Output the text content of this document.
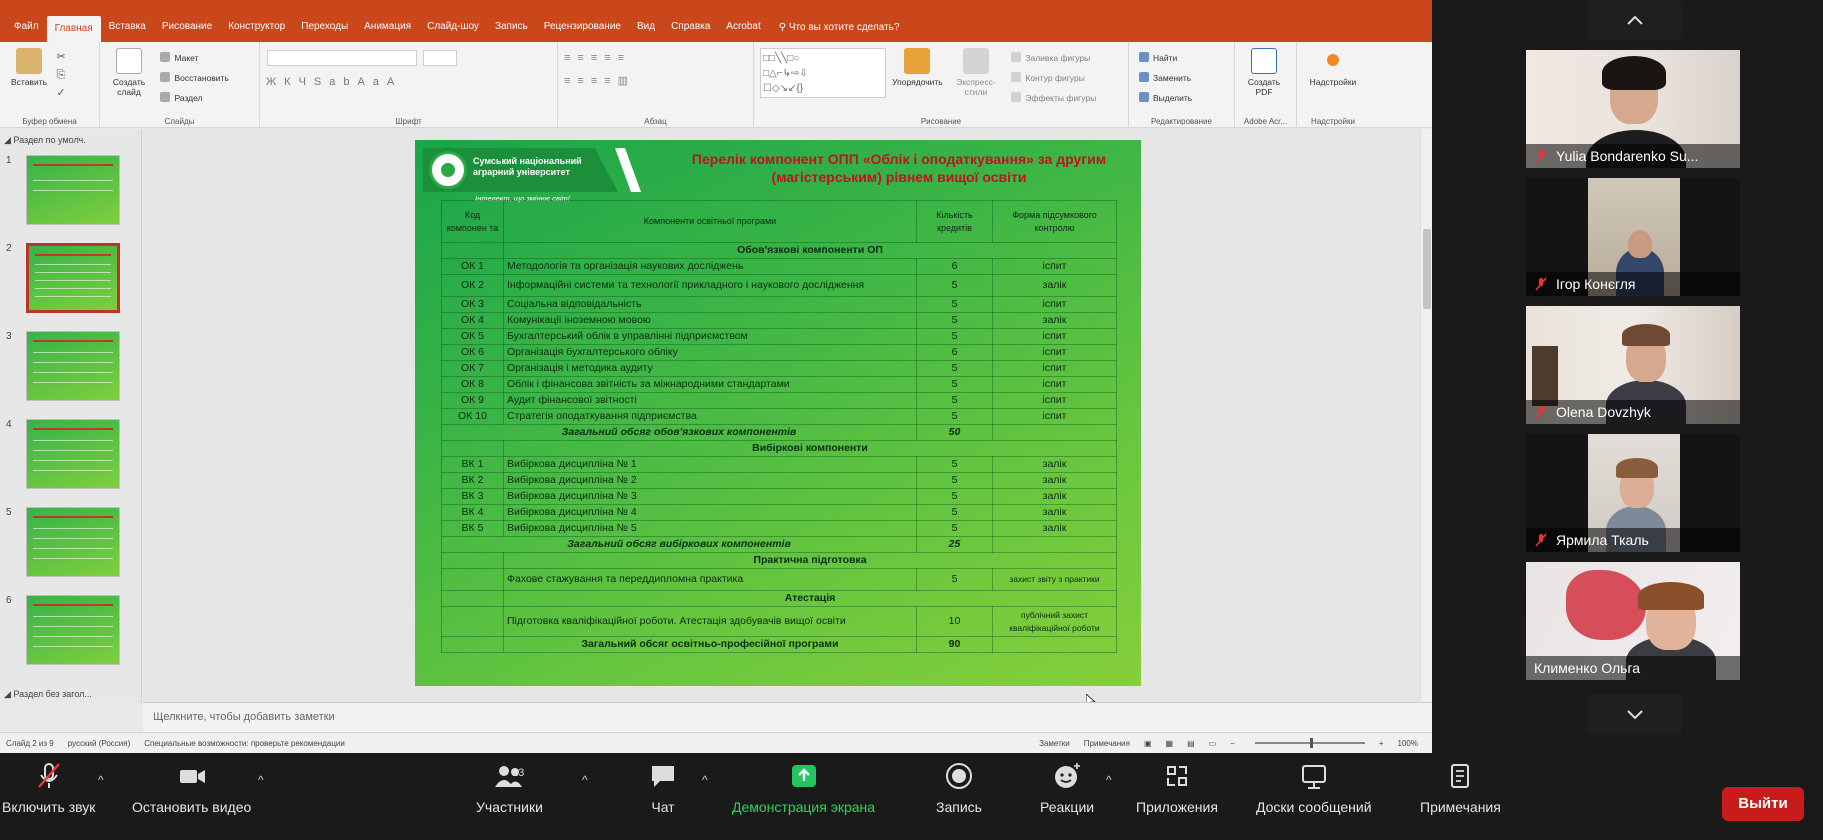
Файл	Главная	Вставка	Рисование	Конструктор	Переходы	Анимация	Слайд-шоу	Запись	Рецензирование	Вид	Справка	Acrobat	⚲ Что вы хотите сделать?
Вставить
✂
⎘
✓
Буфер обмена
Создать слайд

Макет
Восстановить
Раздел
Слайды

ЖКЧSabAaA
Шрифт
≡≡≡≡≡
≡≡≡≡▥
Абзац
□□╲╲□○
□△⌐↳⇨⇩
☐◇↘↙{}
Упорядочить
	Экспресс-стили

Заливка фигуры
Контур фигуры
Эффекты фигуры
Рисование
Найти
Заменить
Выделить
Редактирование
Создать PDF
Adobe Acr...
Надстройки
Надстройки
◢ Раздел по умолч.
1
2
3
4
5
6
◢ Раздел без загол...
Сумський національний аграрний університет
Інтелект, що змінює світ!
Перелік компонент ОПП «Облік і оподаткування» за другим (магістерським) рівнем вищої освіти
Код компонен та	Компоненти освітньої програми	Кількість кредитів	Форма підсумкового контролю
	Обов'язкові компоненти ОП		
ОК 1	Методологія та організація наукових досліджень	6	іспит
ОК 2	Інформаційні системи та технології прикладного і наукового дослідження	5	залік
ОК 3	Соціальна відповідальність	5	іспит
ОК 4	Комунікації іноземною мовою	5	залік
ОК 5	Бухгалтерський облік в управлінні підприємством	5	іспит
ОК 6	Організація бухгалтерського обліку	6	іспит
ОК 7	Організація і методика аудиту	5	іспит
ОК 8	Облік і фінансова звітність за міжнародними стандартами	5	іспит
ОК 9	Аудит фінансової звітності	5	іспит
ОК 10	Стратегія оподаткування підприємства	5	іспит
Загальний обсяг обов'язкових компонентів		50	
	Вибіркові компоненти		
ВК 1	Вибіркова дисципліна № 1	5	залік
ВК 2	Вибіркова дисципліна № 2	5	залік
ВК 3	Вибіркова дисципліна № 3	5	залік
ВК 4	Вибіркова дисципліна № 4	5	залік
ВК 5	Вибіркова дисципліна № 5	5	залік
Загальний обсяг вибіркових компонентів		25	
	Практична підготовка		
	Фахове стажування та переддипломна практика	5	захист звіту з практики
	Атестація		
	Підготовка кваліфікаційної роботи. Атестація здобувачів вищої освіти	10	публічний захист кваліфікаційної роботи
	Загальний обсяг освітньо-професійної програми	90	
Щелкните, чтобы добавить заметки
Слайд 2 из 9 русский (Россия) Специальные возможности: проверьте рекомендации	Заметки Примечания ▣ ▦ ▤ ▭ −	+ 100%
Yulia Bondarenko Su...
Ігор Конєгля
Olena Dovzhyk
Ярмила Ткаль
Клименко Ольга
Включить звук
^
Остановить видео
^
Участники
13	^
Чат
^
Демонстрация экрана	Запись	Реакции
^
Приложения	Доски сообщений	Примечания	Выйти
